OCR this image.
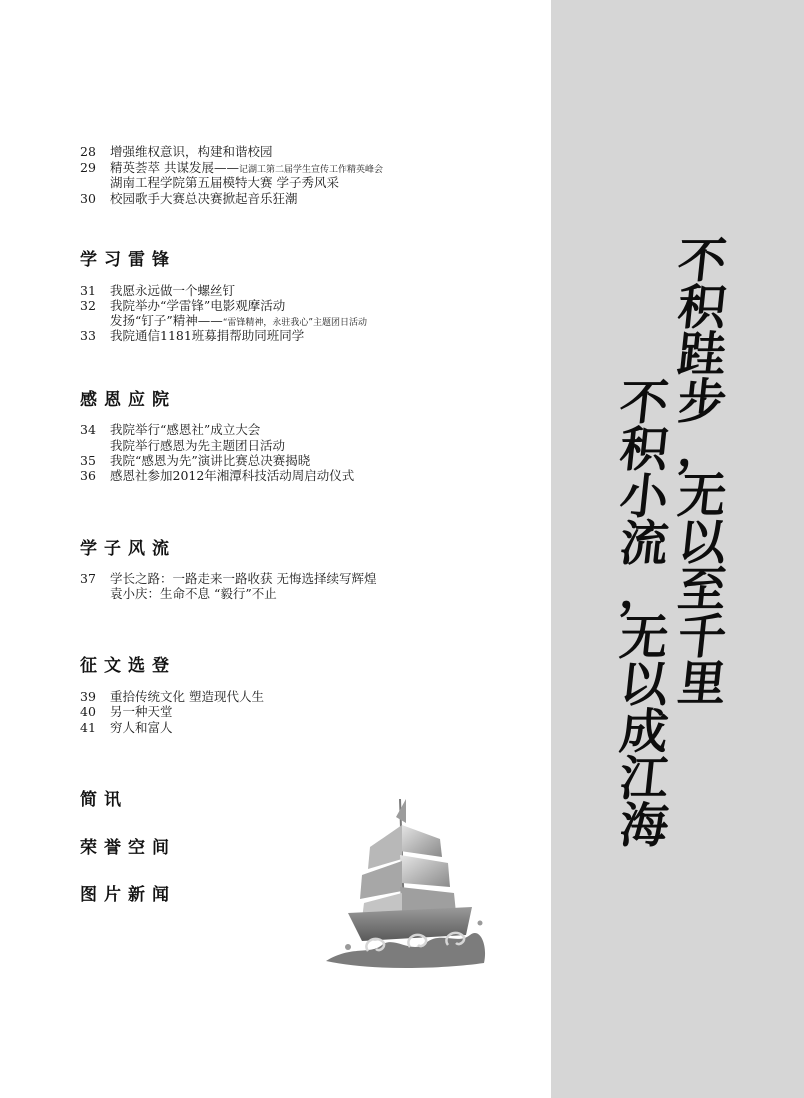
28	增强维权意识，构建和谐校园
29	精英荟萃 共谋发展——记湖工第二届学生宣传工作精英峰会
湖南工程学院第五届模特大赛 学子秀风采
30	校园歌手大赛总决赛掀起音乐狂潮
学习雷锋
31	我愿永远做一个螺丝钉
32	我院举办“学雷锋”电影观摩活动
发扬“钉子”精神——“雷锋精神，永驻我心”主题团日活动
33	我院通信1181班募捐帮助同班同学
感恩应院
34	我院举行“感恩社”成立大会
我院举行感恩为先主题团日活动
35	我院“感恩为先”演讲比赛总决赛揭晓
36	感恩社参加2012年湘潭科技活动周启动仪式
学子风流
37	学长之路：一路走来一路收获 无悔选择续写辉煌
袁小庆：生命不息 “毅行”不止
征文选登
39	重拾传统文化 塑造现代人生
40	另一种天堂
41	穷人和富人
简讯
荣誉空间
图片新闻
不
积
跬
步
，
无
以
至
千
里
不
积
小
流
，
无
以
成
江
海
